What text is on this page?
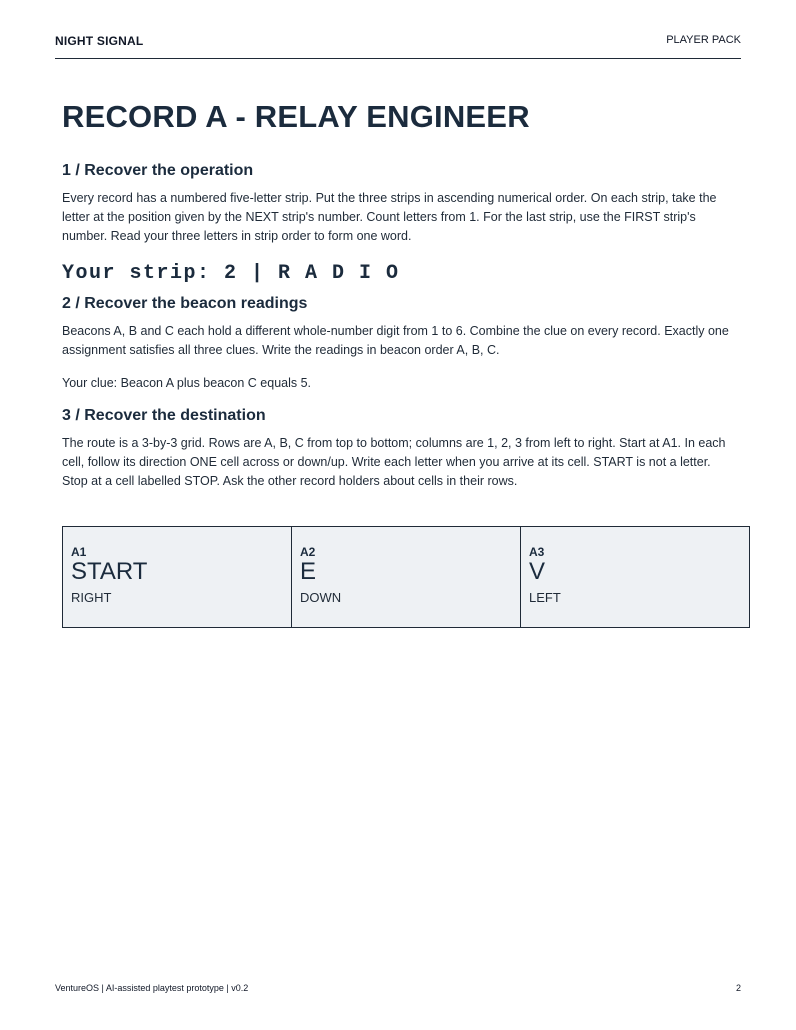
NIGHT SIGNAL	PLAYER PACK
RECORD A - RELAY ENGINEER
1 / Recover the operation

Every record has a numbered five-letter strip. Put the three strips in ascending numerical order. On each strip, take the letter at the position given by the NEXT strip's number. Count letters from 1. For the last strip, use the FIRST strip's number. Read your three letters in strip order to form one word.

Your strip: 2 | R A D I O
2 / Recover the beacon readings

Beacons A, B and C each hold a different whole-number digit from 1 to 6. Combine the clue on every record. Exactly one assignment satisfies all three clues. Write the readings in beacon order A, B, C.

Your clue: Beacon A plus beacon C equals 5.

3 / Recover the destination

The route is a 3-by-3 grid. Rows are A, B, C from top to bottom; columns are 1, 2, 3 from left to right. Start at A1. In each cell, follow its direction ONE cell across or down/up. Write each letter when you arrive at its cell. START is not a letter. Stop at a cell labelled STOP. Ask the other record holders about cells in their rows.

A1
START
RIGHT
A2
E
DOWN
A3
V
LEFT
VentureOS | AI-assisted playtest prototype | v0.2	2
